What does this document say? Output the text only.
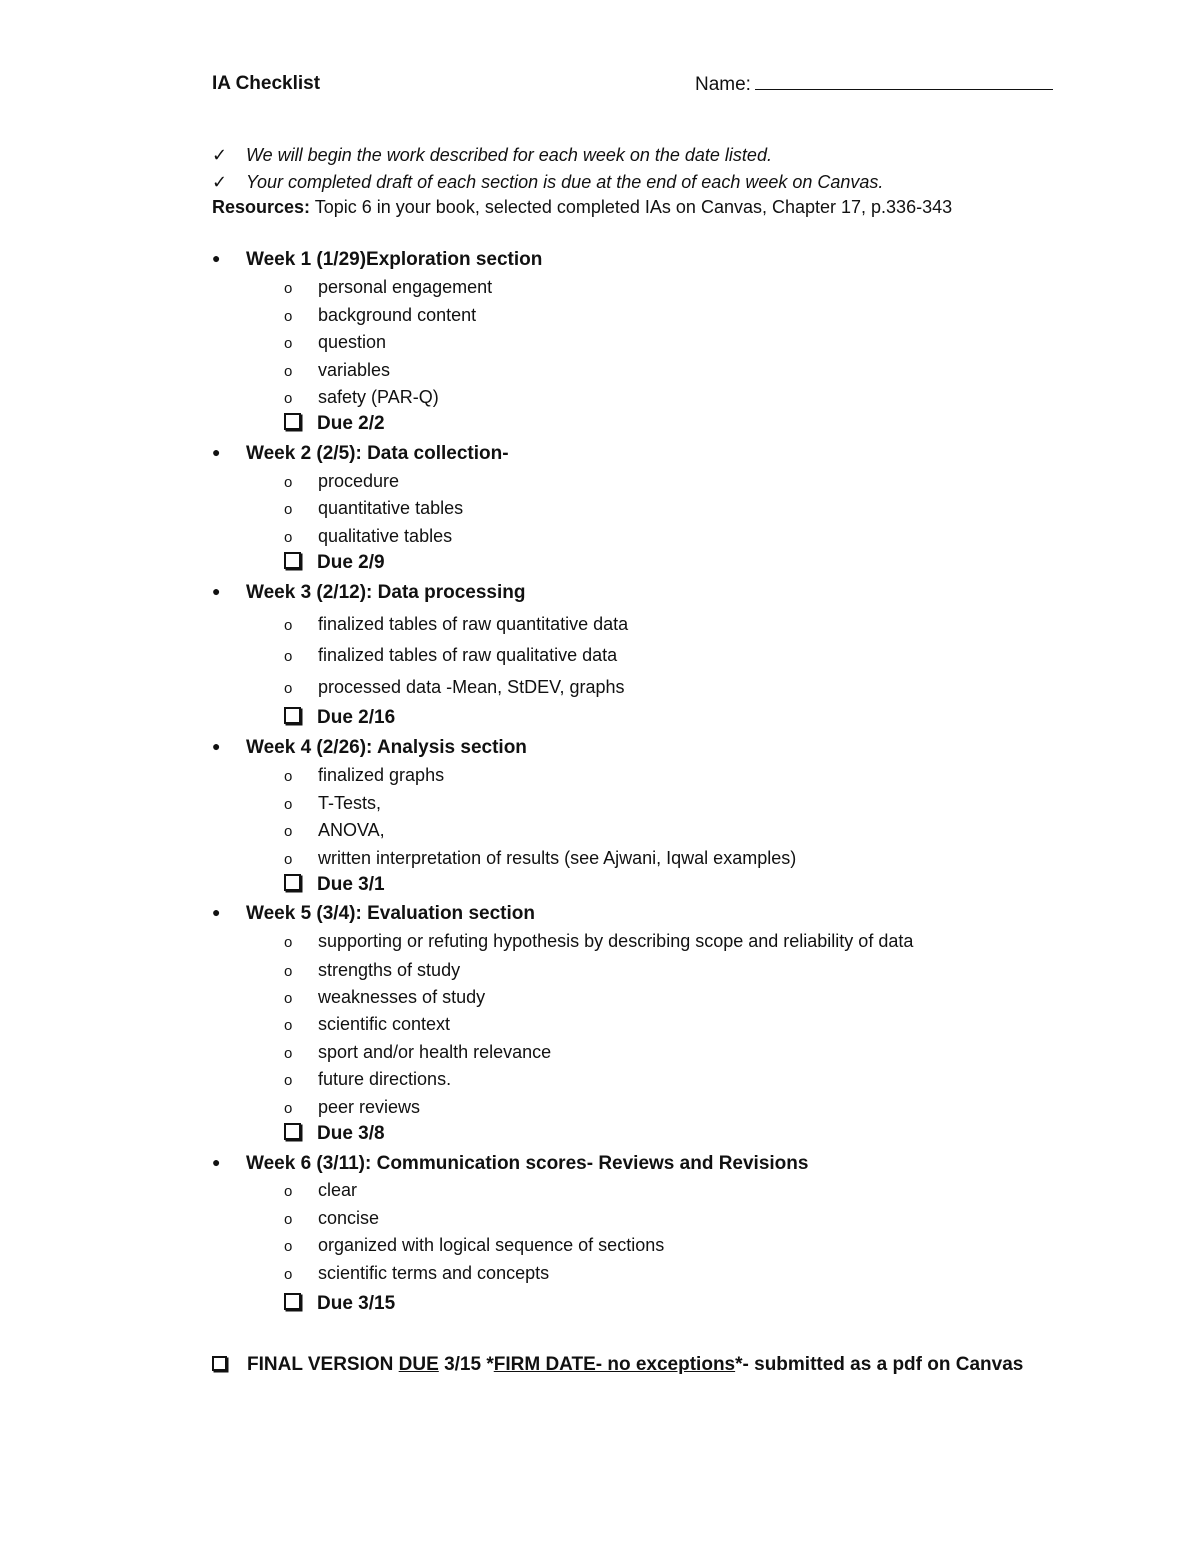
IA Checklist	Name:
✓ We will begin the work described for each week on the date listed.
✓ Your completed draft of each section is due at the end of each week on Canvas.
Resources: Topic 6 in your book, selected completed IAs on Canvas, Chapter 17, p.336-343
● Week 1 (1/29)Exploration section
o personal engagement
o background content
o question
o variables
o safety (PAR-Q)
Due 2/2
● Week 2 (2/5): Data collection-
o procedure
o quantitative tables
o qualitative tables
Due 2/9
● Week 3 (2/12): Data processing
o finalized tables of raw quantitative data
o finalized tables of raw qualitative data
o processed data -Mean, StDEV, graphs
Due 2/16
● Week 4 (2/26): Analysis section
o finalized graphs
o T-Tests,
o ANOVA,
o written interpretation of results (see Ajwani, Iqwal examples)
Due 3/1
● Week 5 (3/4): Evaluation section
o supporting or refuting hypothesis by describing scope and reliability of data
o strengths of study
o weaknesses of study
o scientific context
o sport and/or health relevance
o future directions.
o peer reviews
Due 3/8
● Week 6 (3/11): Communication scores- Reviews and Revisions
o clear
o concise
o organized with logical sequence of sections
o scientific terms and concepts
Due 3/15
FINAL VERSION DUE 3/15 *FIRM DATE- no exceptions*- submitted as a pdf on Canvas
